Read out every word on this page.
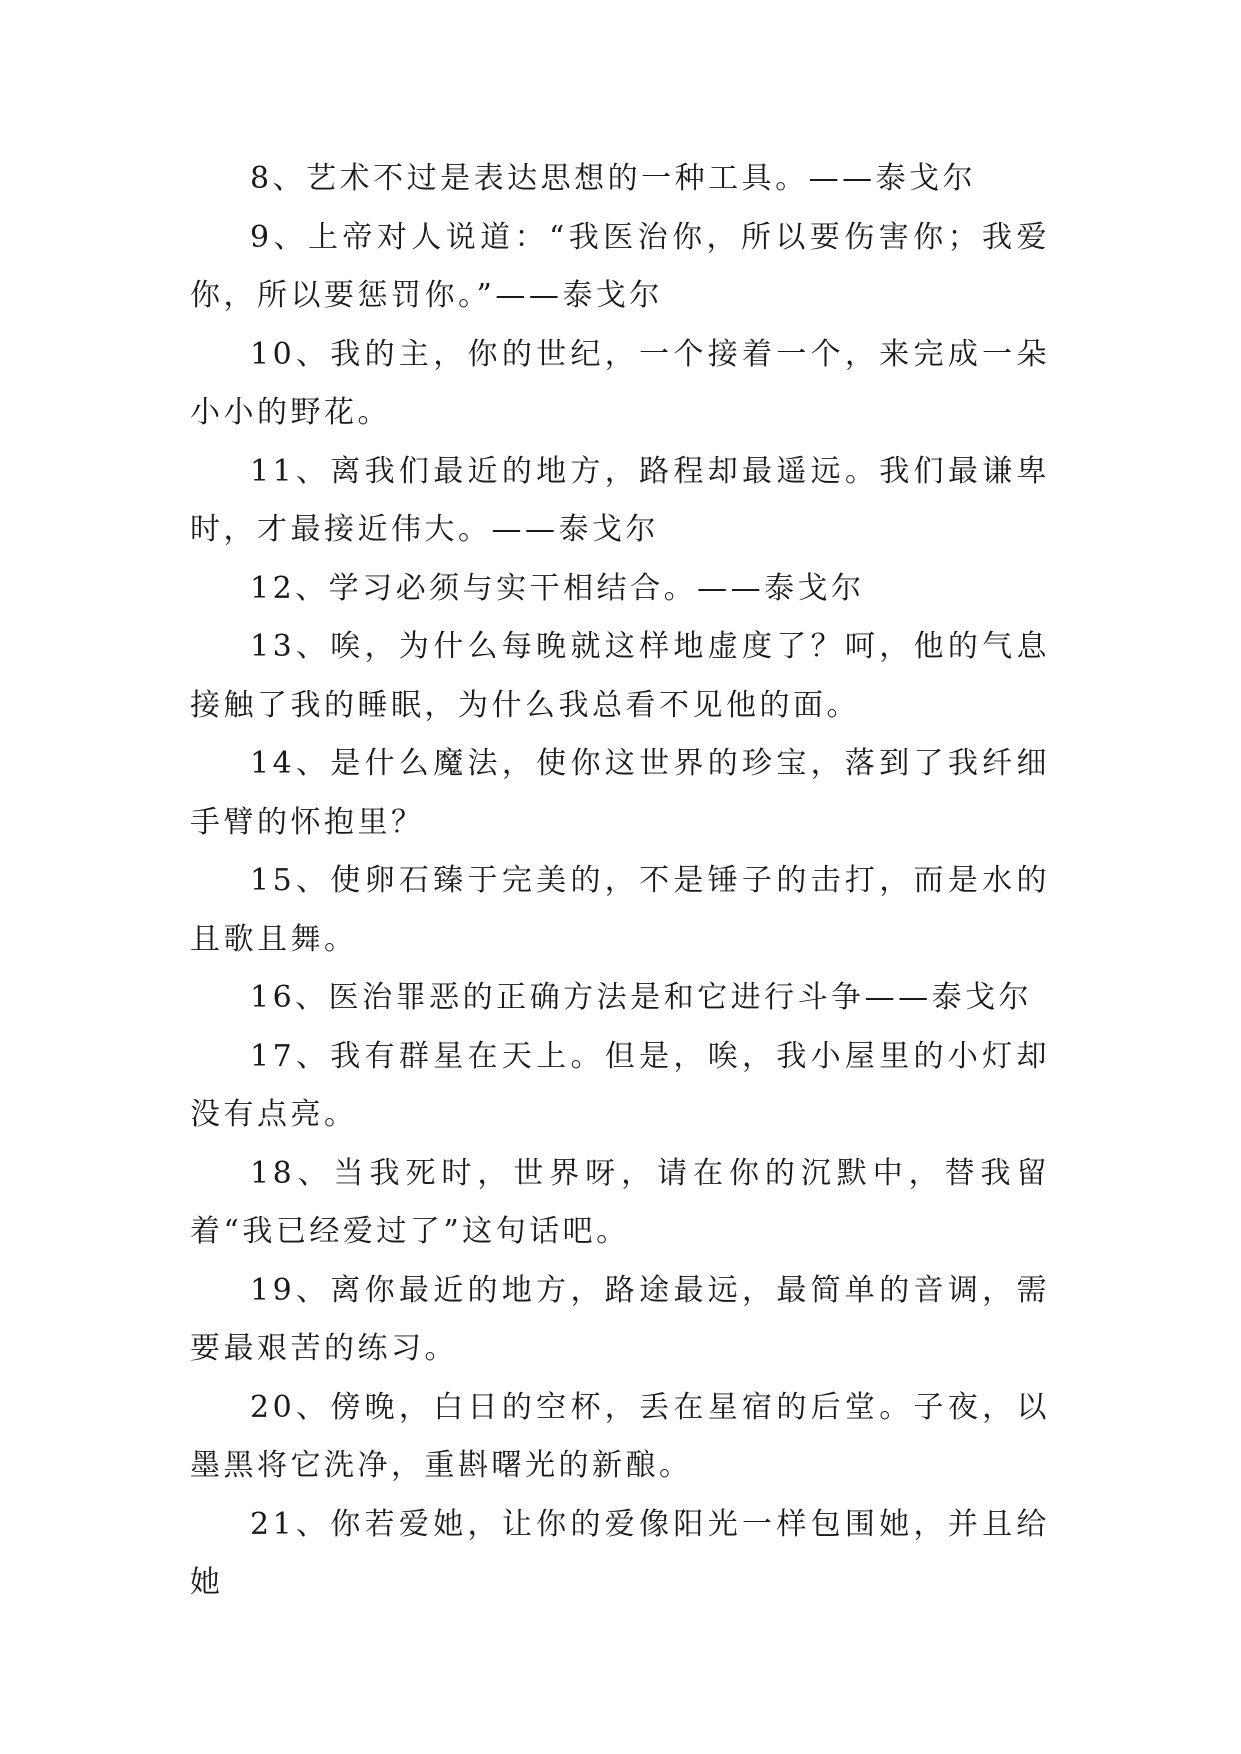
8、艺术不过是表达思想的一种工具。——泰戈尔

9、上帝对人说道：“我医治你，所以要伤害你；我爱你，所以要惩罚你。”——泰戈尔

10、我的主，你的世纪，一个接着一个，来完成一朵小小的野花。

11、离我们最近的地方，路程却最遥远。我们最谦卑时，才最接近伟大。——泰戈尔

12、学习必须与实干相结合。——泰戈尔

13、唉，为什么每晚就这样地虚度了？呵，他的气息接触了我的睡眠，为什么我总看不见他的面。

14、是什么魔法，使你这世界的珍宝，落到了我纤细手臂的怀抱里？

15、使卵石臻于完美的，不是锤子的击打，而是水的且歌且舞。

16、医治罪恶的正确方法是和它进行斗争——泰戈尔

17、我有群星在天上。但是，唉，我小屋里的小灯却没有点亮。

18、当我死时，世界呀，请在你的沉默中，替我留着“我已经爱过了”这句话吧。

19、离你最近的地方，路途最远，最简单的音调，需要最艰苦的练习。

20、傍晚，白日的空杯，丢在星宿的后堂。子夜，以墨黑将它洗净，重斟曙光的新酿。

21、你若爱她，让你的爱像阳光一样包围她，并且给她
